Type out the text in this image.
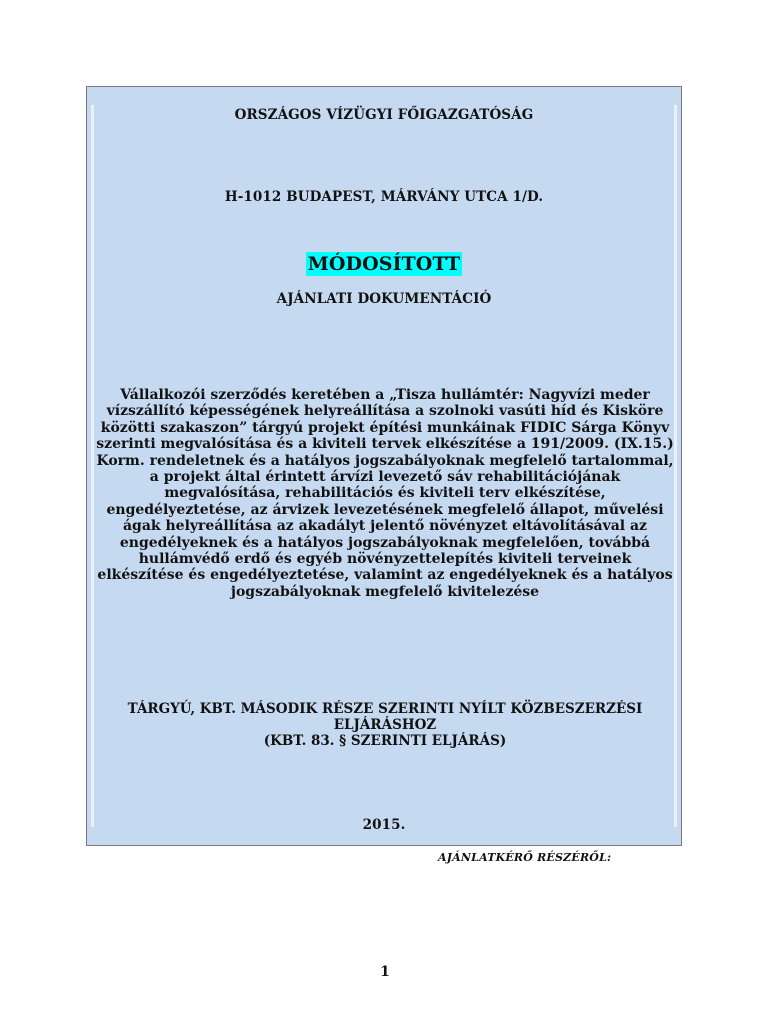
ORSZÁGOS VÍZÜGYI FŐIGAZGATÓSÁG
H-1012 BUDAPEST, MÁRVÁNY UTCA 1/D.
MÓDOSÍTOTT
AJÁNLATI DOKUMENTÁCIÓ

Vállalkozói szerződés keretében a „Tisza hullámtér: Nagyvízi meder vízszállító képességének helyreállítása a szolnoki vasúti híd és Kisköre közötti szakaszon” tárgyú projekt építési munkáinak FIDIC Sárga Könyv szerinti megvalósítása és a kiviteli tervek elkészítése a 191/2009. (IX.15.) Korm. rendeletnek és a hatályos jogszabályoknak megfelelő tartalommal, a projekt által érintett árvízi levezető sáv rehabilitációjának megvalósítása, rehabilitációs és kiviteli terv elkészítése, engedélyeztetése, az árvizek levezetésének megfelelő állapot, művelési ágak helyreállítása az akadályt jelentő növényzet eltávolításával az engedélyeknek és a hatályos jogszabályoknak megfelelően, továbbá hullámvédő erdő és egyéb növényzettelepítés kiviteli terveinek elkészítése és engedélyeztetése, valamint az engedélyeknek és a hatályos jogszabályoknak megfelelő kivitelezése

TÁRGYÚ, KBT. MÁSODIK RÉSZE SZERINTI NYÍLT KÖZBESZERZÉSI ELJÁRÁSHOZ
(KBT. 83. § SZERINTI ELJÁRÁS)
2015.
AJÁNLATKÉRŐ RÉSZÉRŐL:
1
